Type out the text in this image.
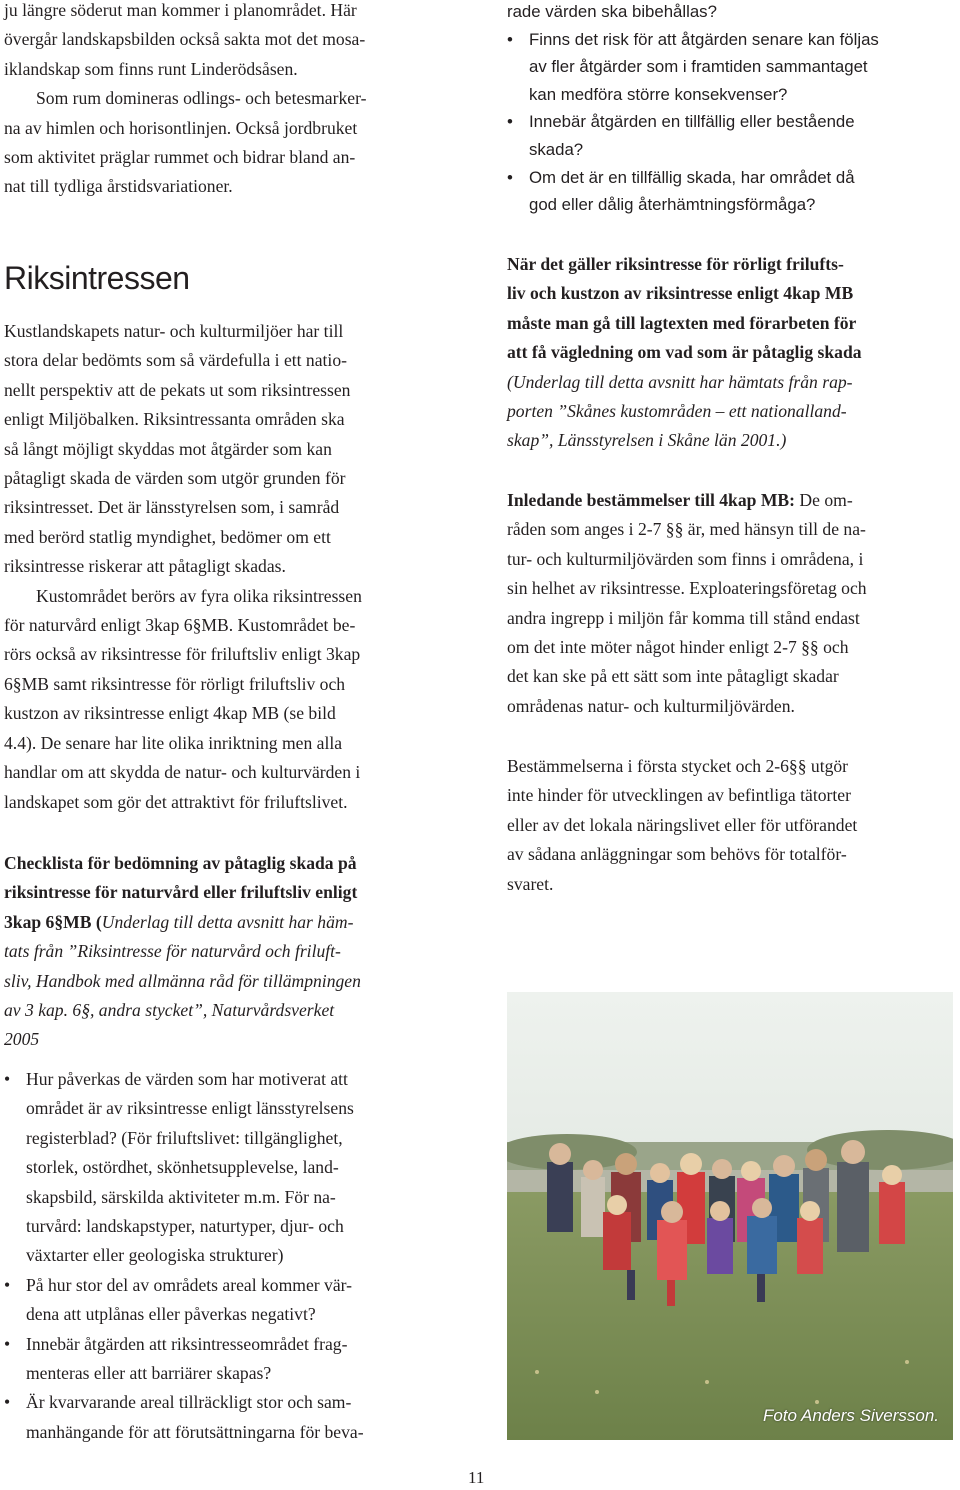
ju längre söderut man kommer i planområdet. Här

övergår landskapsbilden också sakta mot det mosa-

iklandskap som finns runt Linderödsåsen.

Som rum domineras odlings- och betesmarker-

na av himlen och horisontlinjen. Också jordbruket

som aktivitet präglar rummet och bidrar bland an-

nat till tydliga årstidsvariationer.

Riksintressen

Kustlandskapets natur- och kulturmiljöer har till

stora delar bedömts som så värdefulla i ett natio-

nellt perspektiv att de pekats ut som riksintressen

enligt Miljöbalken. Riksintressanta områden ska

så långt möjligt skyddas mot åtgärder som kan

påtagligt skada de värden som utgör grunden för

riksintresset. Det är länsstyrelsen som, i samråd

med berörd statlig myndighet, bedömer om ett

riksintresse riskerar att påtagligt skadas.

Kustområdet berörs av fyra olika riksintressen

för naturvård enligt 3kap 6§MB. Kustområdet be-

rörs också av riksintresse för friluftsliv enligt 3kap

6§MB samt riksintresse för rörligt friluftsliv och

kustzon av riksintresse enligt 4kap MB (se bild

4.4). De senare har lite olika inriktning men alla

handlar om att skydda de natur- och kulturvärden i

landskapet som gör det attraktivt för friluftslivet.

Checklista för bedömning av påtaglig skada på

riksintresse för naturvård eller friluftsliv enligt

3kap 6§MB (Underlag till detta avsnitt har häm-

tats från ”Riksintresse för naturvård och friluft-

sliv, Handbok med allmänna råd för tillämpningen

av 3 kap. 6§, andra stycket”, Naturvårdsverket

2005

• Hur påverkas de värden som har motiverat att
området är av riksintresse enligt länsstyrelsens
registerblad? (För friluftslivet: tillgänglighet,
storlek, ostördhet, skönhetsupplevelse, land-
skapsbild, särskilda aktiviteter m.m. För na-
turvård: landskapstyper, naturtyper, djur- och
växtarter eller geologiska strukturer)
• På hur stor del av områdets areal kommer vär-
dena att utplånas eller påverkas negativt?
• Innebär åtgärden att riksintresseområdet frag-
menteras eller att barriärer skapas?
• Är kvarvarande areal tillräckligt stor och sam-
manhängande för att förutsättningarna för beva-

rade värden ska bibehållas?

• Finns det risk för att åtgärden senare kan följas
av fler åtgärder som i framtiden sammantaget
kan medföra större konsekvenser?
• Innebär åtgärden en tillfällig eller bestående
skada?
• Om det är en tillfällig skada, har området då
god eller dålig återhämtningsförmåga?

När det gäller riksintresse för rörligt frilufts-

liv och kustzon av riksintresse enligt 4kap MB

måste man gå till lagtexten med förarbeten för

att få vägledning om vad som är påtaglig skada

(Underlag till detta avsnitt har hämtats från rap-

porten ”Skånes kustområden – ett nationalland-

skap”, Länsstyrelsen i Skåne län 2001.)

Inledande bestämmelser till 4kap MB: De om-

råden som anges i 2-7 §§ är, med hänsyn till de na-

tur- och kulturmiljövärden som finns i områdena, i

sin helhet av riksintresse. Exploateringsföretag och

andra ingrepp i miljön får komma till stånd endast

om det inte möter något hinder enligt 2-7 §§ och

det kan ske på ett sätt som inte påtagligt skadar

områdenas natur- och kulturmiljövärden.

Bestämmelserna i första stycket och 2-6§§ utgör

inte hinder för utvecklingen av befintliga tätorter

eller av det lokala näringslivet eller för utförandet

av sådana anläggningar som behövs för totalför-

svaret.

Foto Anders Siversson.
11
